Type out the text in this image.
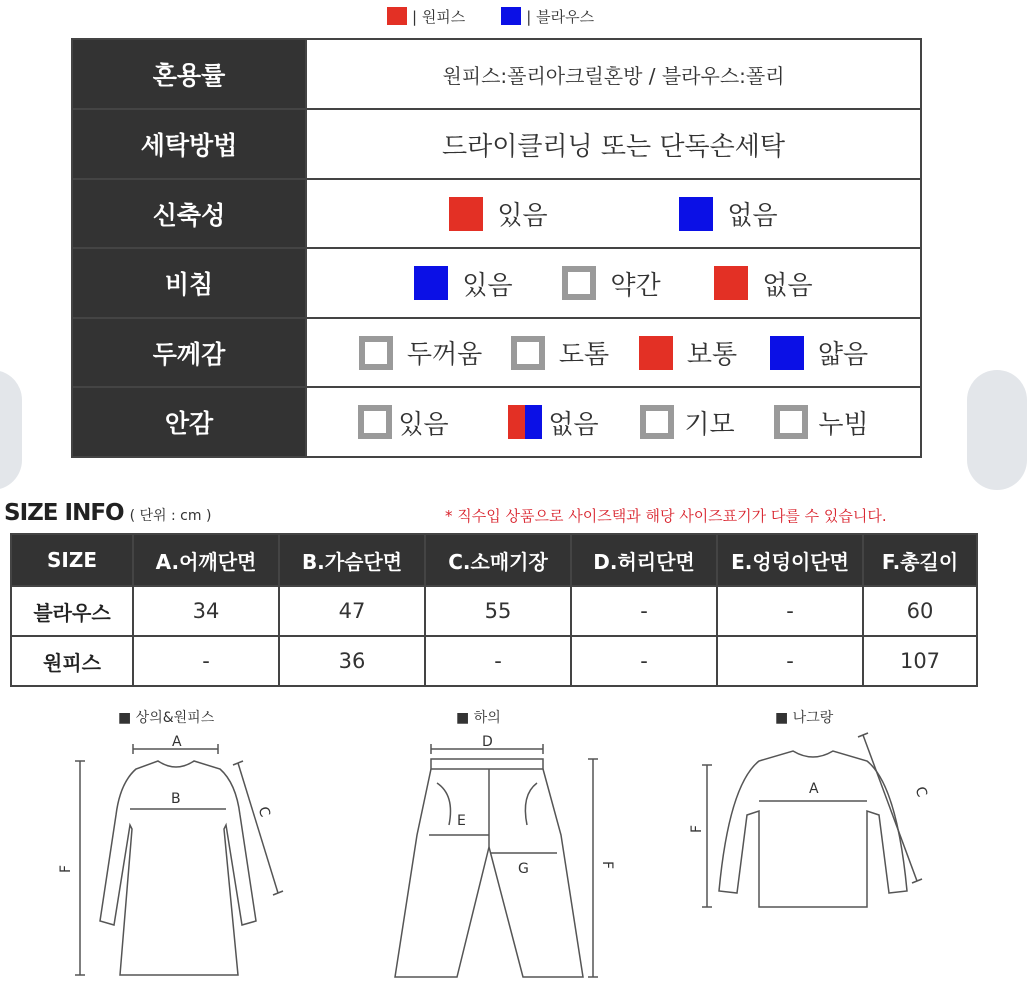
| 원피스	| 블라우스
혼용률	원피스:폴리아크릴혼방 / 블라우스:폴리
세탁방법	드라이클리닝 또는 단독손세탁
신축성	있음	없음
비침	있음	약간	없음
두께감	두꺼움	도톰	보통	얇음
안감	있음	없음	기모	누빔
SIZE INFO ( 단위 : cm )	* 직수입 상품으로 사이즈택과 해당 사이즈표기가 다를 수 있습니다.
SIZE	A.어깨단면	B.가슴단면	C.소매기장	D.허리단면	E.엉덩이단면	F.총길이
블라우스	34	47	55	-	-	60
원피스	-	36	-	-	-	107
■ 상의&원피스	■ 하의	■ 나그랑
A
B
F
C
D
E
G	F
A
F
C
